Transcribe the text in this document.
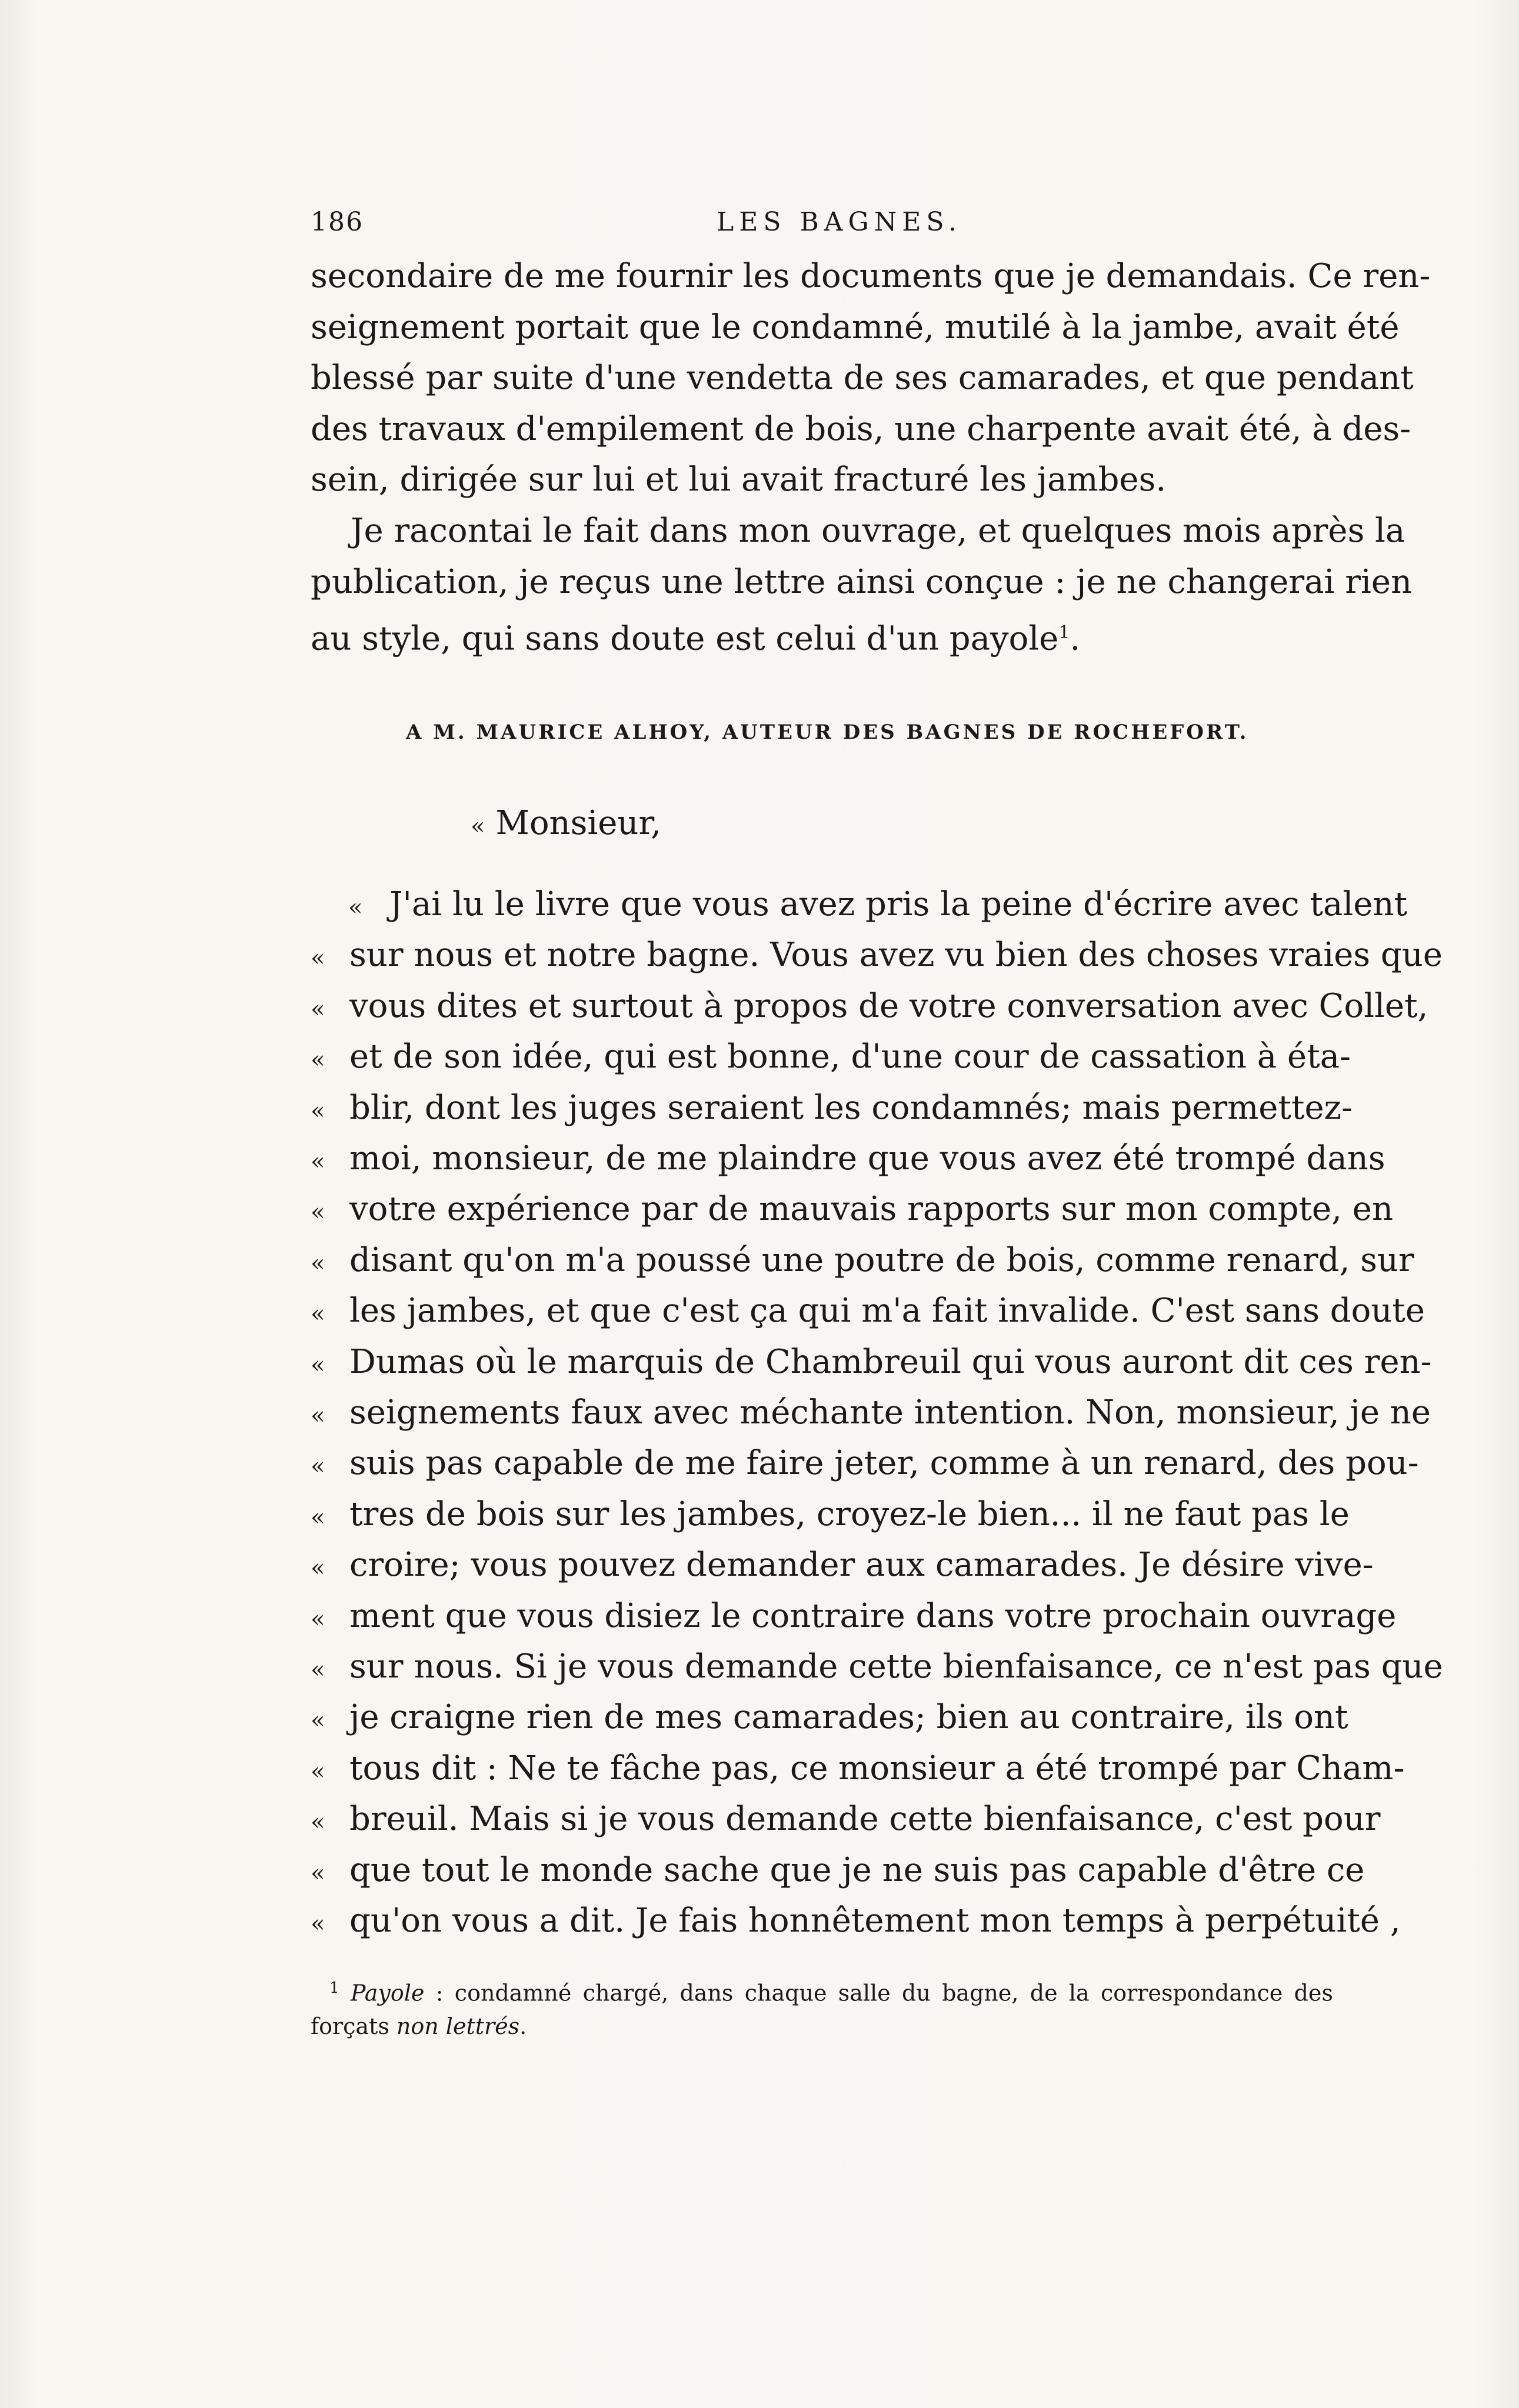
186	LES BAGNES.
secondaire de me fournir les documents que je demandais. Ce ren-
seignement portait que le condamné, mutilé à la jambe, avait été
blessé par suite d'une vendetta de ses camarades, et que pendant
des travaux d'empilement de bois, une charpente avait été, à des-
sein, dirigée sur lui et lui avait fracturé les jambes.
Je racontai le fait dans mon ouvrage, et quelques mois après la
publication, je reçus une lettre ainsi conçue : je ne changerai rien
au style, qui sans doute est celui d'un payole$^1$.
A M. MAURICE ALHOY, AUTEUR DES BAGNES DE ROCHEFORT.
« Monsieur,
« J'ai lu le livre que vous avez pris la peine d'écrire avec talent
« sur nous et notre bagne. Vous avez vu bien des choses vraies que
« vous dites et surtout à propos de votre conversation avec Collet,
« et de son idée, qui est bonne, d'une cour de cassation à éta-
« blir, dont les juges seraient les condamnés; mais permettez-
« moi, monsieur, de me plaindre que vous avez été trompé dans
« votre expérience par de mauvais rapports sur mon compte, en
« disant qu'on m'a poussé une poutre de bois, comme renard, sur
« les jambes, et que c'est ça qui m'a fait invalide. C'est sans doute
« Dumas où le marquis de Chambreuil qui vous auront dit ces ren-
« seignements faux avec méchante intention. Non, monsieur, je ne
« suis pas capable de me faire jeter, comme à un renard, des pou-
« tres de bois sur les jambes, croyez-le bien... il ne faut pas le
« croire; vous pouvez demander aux camarades. Je désire vive-
« ment que vous disiez le contraire dans votre prochain ouvrage
« sur nous. Si je vous demande cette bienfaisance, ce n'est pas que
« je craigne rien de mes camarades; bien au contraire, ils ont
« tous dit : Ne te fâche pas, ce monsieur a été trompé par Cham-
« breuil. Mais si je vous demande cette bienfaisance, c'est pour
« que tout le monde sache que je ne suis pas capable d'être ce
« qu'on vous a dit. Je fais honnêtement mon temps à perpétuité ,
$^1$ Payole : condamné chargé, dans chaque salle du bagne, de la correspondance des
forçats non lettrés.
